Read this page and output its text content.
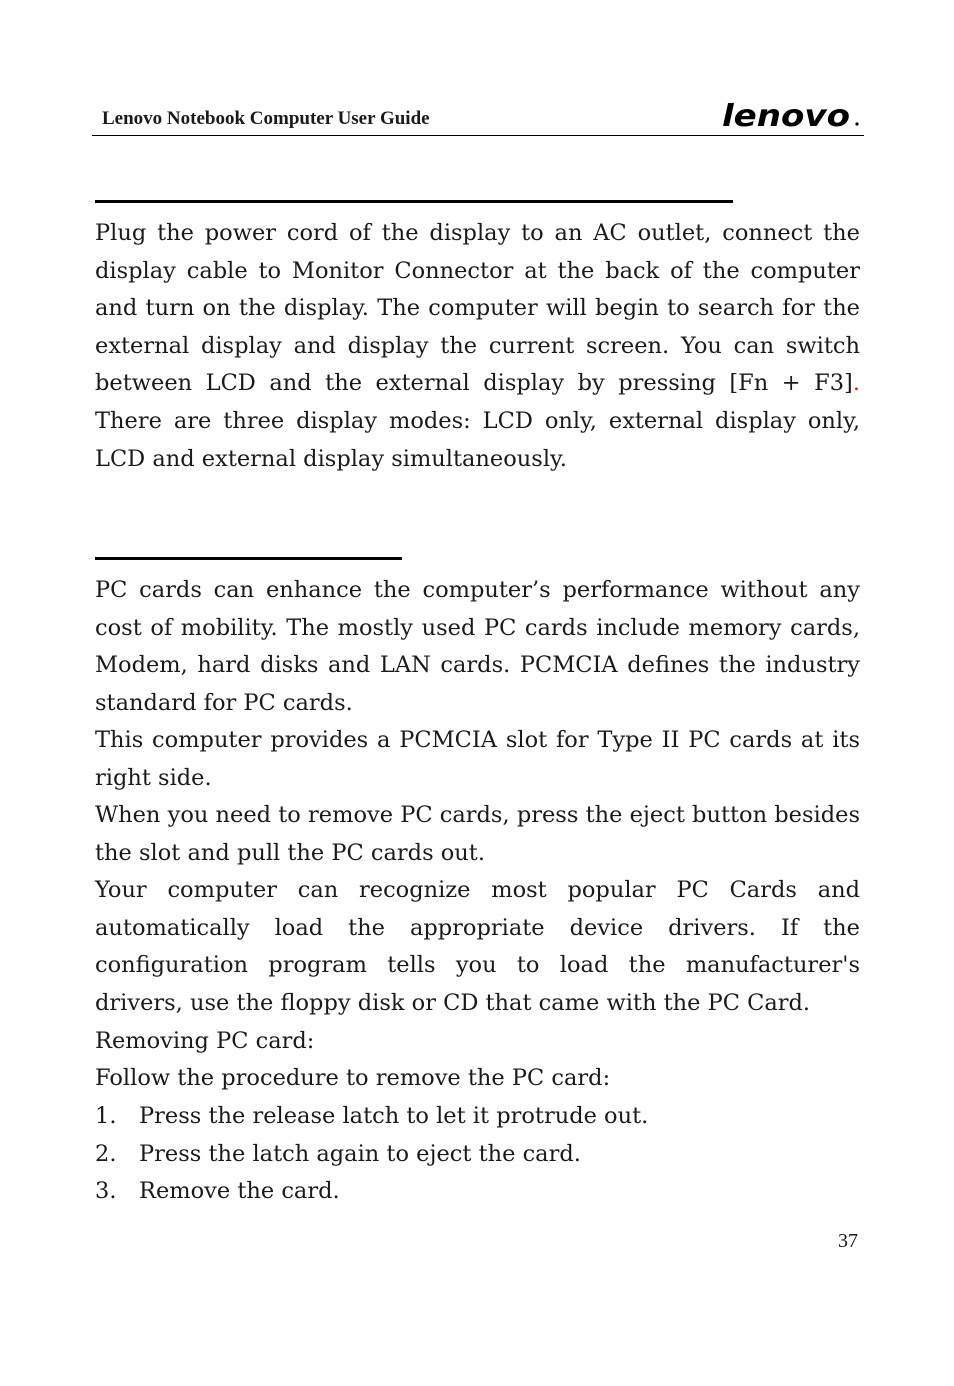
Lenovo Notebook Computer User Guide	lenovo

Plug the power cord of the display to an AC outlet, connect the display cable to Monitor Connector at the back of the computer and turn on the display. The computer will begin to search for the external display and display the current screen. You can switch between LCD and the external display by pressing [Fn + F3]. There are three display modes: LCD only, external display only, LCD and external display simultaneously.

PC cards can enhance the computer’s performance without any cost of mobility. The mostly used PC cards include memory cards, Modem, hard disks and LAN cards. PCMCIA defines the industry standard for PC cards.

This computer provides a PCMCIA slot for Type II PC cards at its right side.

When you need to remove PC cards, press the eject button besides the slot and pull the PC cards out.

Your computer can recognize most popular PC Cards and automatically load the appropriate device drivers. If the configuration program tells you to load the manufacturer's drivers, use the floppy disk or CD that came with the PC Card.

Removing PC card:

Follow the procedure to remove the PC card:

1. Press the release latch to let it protrude out.
2. Press the latch again to eject the card.
3. Remove the card.
37
